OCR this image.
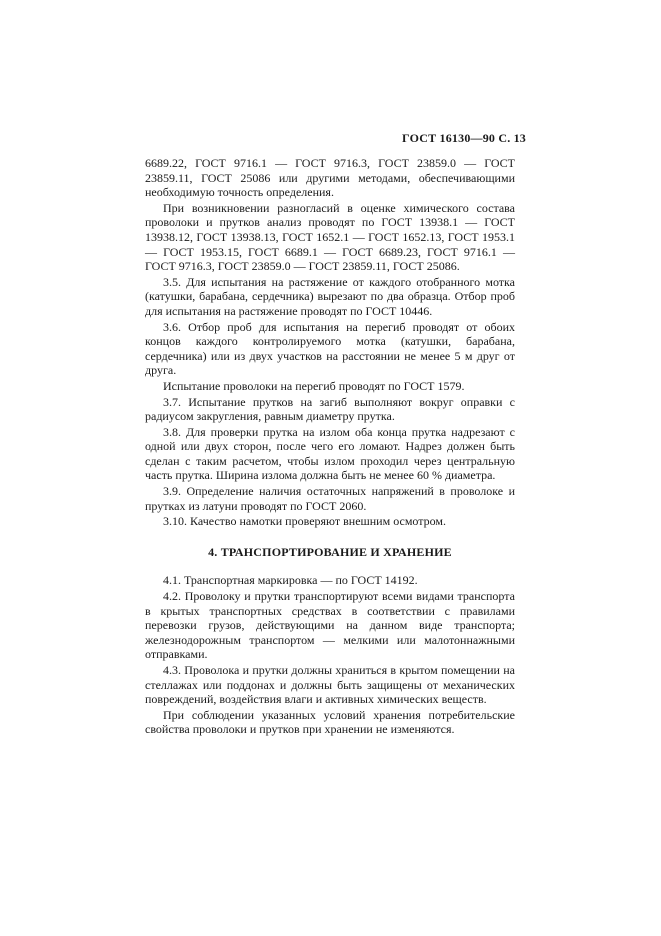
ГОСТ 16130—90 С. 13

6689.22, ГОСТ 9716.1 — ГОСТ 9716.3, ГОСТ 23859.0 — ГОСТ 23859.11, ГОСТ 25086 или другими методами, обеспечивающими необходимую точность определения.

При возникновении разногласий в оценке химического состава проволоки и прутков анализ проводят по ГОСТ 13938.1 — ГОСТ 13938.12, ГОСТ 13938.13, ГОСТ 1652.1 — ГОСТ 1652.13, ГОСТ 1953.1 — ГОСТ 1953.15, ГОСТ 6689.1 — ГОСТ 6689.23, ГОСТ 9716.1 — ГОСТ 9716.3, ГОСТ 23859.0 — ГОСТ 23859.11, ГОСТ 25086.

3.5. Для испытания на растяжение от каждого отобранного мотка (катушки, барабана, сердечника) вырезают по два образца. Отбор проб для испытания на растяжение проводят по ГОСТ 10446.

3.6. Отбор проб для испытания на перегиб проводят от обоих концов каждого контролируемого мотка (катушки, барабана, сердечника) или из двух участков на расстоянии не менее 5 м друг от друга.

Испытание проволоки на перегиб проводят по ГОСТ 1579.

3.7. Испытание прутков на загиб выполняют вокруг оправки с радиусом закругления, равным диаметру прутка.

3.8. Для проверки прутка на излом оба конца прутка надрезают с одной или двух сторон, после чего его ломают. Надрез должен быть сделан с таким расчетом, чтобы излом проходил через центральную часть прутка. Ширина излома должна быть не менее 60 % диаметра.

3.9. Определение наличия остаточных напряжений в проволоке и прутках из латуни проводят по ГОСТ 2060.

3.10. Качество намотки проверяют внешним осмотром.

4. ТРАНСПОРТИРОВАНИЕ И ХРАНЕНИЕ

4.1. Транспортная маркировка — по ГОСТ 14192.

4.2. Проволоку и прутки транспортируют всеми видами транспорта в крытых транспортных средствах в соответствии с правилами перевозки грузов, действующими на данном виде транспорта; железнодорожным транспортом — мелкими или малотоннажными отправками.

4.3. Проволока и прутки должны храниться в крытом помещении на стеллажах или поддонах и должны быть защищены от механических повреждений, воздействия влаги и активных химических веществ.

При соблюдении указанных условий хранения потребительские свойства проволоки и прутков при хранении не изменяются.
